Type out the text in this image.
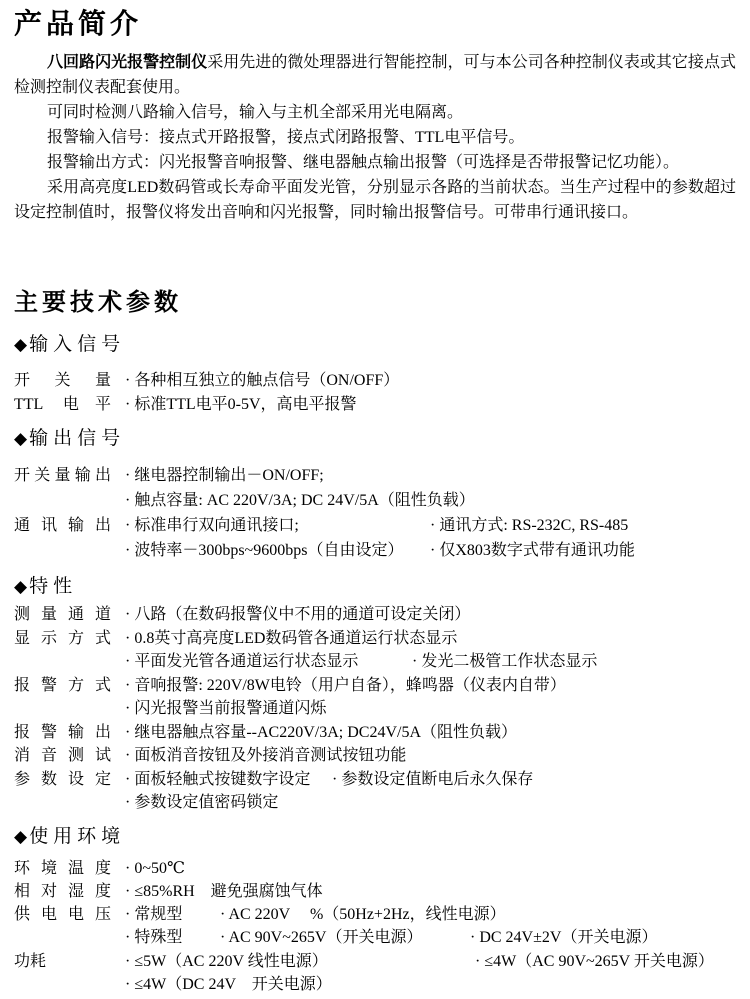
产品简介

八回路闪光报警控制仪采用先进的微处理器进行智能控制，可与本公司各种控制仪表或其它接点式检测控制仪表配套使用。

可同时检测八路输入信号，输入与主机全部采用光电隔离。

报警输入信号：接点式开路报警，接点式闭路报警、TTL电平信号。

报警输出方式：闪光报警音响报警、继电器触点输出报警（可选择是否带报警记忆功能）。

采用高亮度LED数码管或长寿命平面发光管，分别显示各路的当前状态。当生产过程中的参数超过设定控制值时，报警仪将发出音响和闪光报警，同时输出报警信号。可带串行通讯接口。

主要技术参数
◆ 输入信号
开关量 · 各种相互独立的触点信号（ON/OFF）
TTL 电平 · 标准TTL电平0-5V，高电平报警
◆ 输出信号
开关量输出 · 继电器控制输出－ON/OFF;
· 触点容量: AC 220V/3A; DC 24V/5A（阻性负载）
通讯输出 · 标准串行双向通讯接口;	· 通讯方式: RS-232C, RS-485
· 波特率－300bps~9600bps（自由设定） · 仅X803数字式带有通讯功能
◆ 特性
测量通道 · 八路（在数码报警仪中不用的通道可设定关闭）
显示方式 · 0.8英寸高亮度LED数码管各通道运行状态显示
· 平面发光管各通道运行状态显示	· 发光二极管工作状态显示
报警方式 · 音响报警: 220V/8W电铃（用户自备），蜂鸣器（仪表内自带）
· 闪光报警当前报警通道闪烁
报警输出 · 继电器触点容量--AC220V/3A; DC24V/5A（阻性负载）
消音测试 · 面板消音按钮及外接消音测试按钮功能
参数设定 · 面板轻触式按键数字设定 · 参数设定值断电后永久保存
· 参数设定值密码锁定
◆ 使用环境
环境温度 · 0~50℃
相对湿度 · ≤85%RH　避免强腐蚀气体
供电电压 · 常规型 · AC 220V　 %（50Hz+2Hz，线性电源）
· 特殊型 · AC 90V~265V（开关电源）	· DC 24V±2V（开关电源）
功耗	· ≤5W（AC 220V 线性电源）	· ≤4W（AC 90V~265V 开关电源）
· ≤4W（DC 24V　开关电源）
